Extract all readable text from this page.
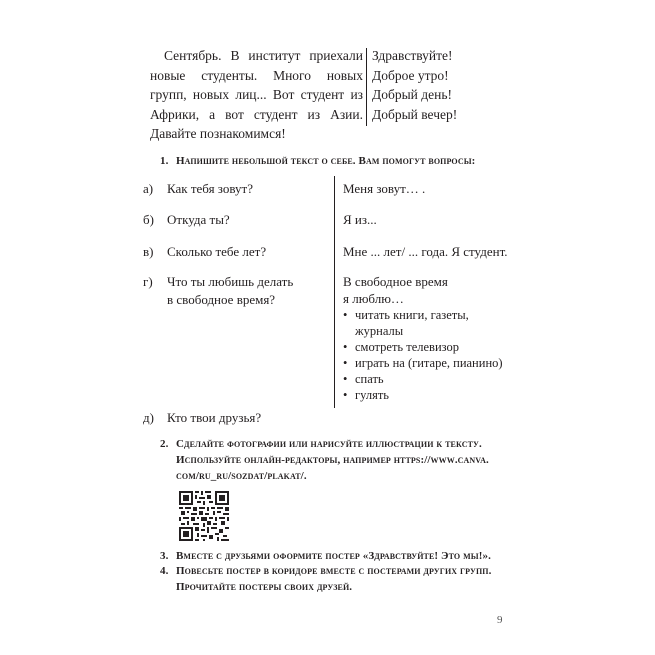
Сентябрь. В институт приехали новые студенты. Много новых групп, новых лиц... Вот студент из Африки, а вот студент из Азии. Давайте познакомимся!

Здравствуйте!
Доброе утро!
Добрый день!
Добрый вечер!
1. Напишите небольшой текст о себе. Вам помогут вопросы:
а) Как тебя зовут?
б) Откуда ты?
в) Сколько тебе лет?
г) Что ты любишь делать
в свободное время?
д) Кто твои друзья?
Меня зовут… .
Я из...
Мне ... лет/ ... года. Я студент.
В свободное время
я люблю…
• читать книги, газеты, журналы
• смотреть телевизор
• играть на (гитаре, пианино)
• спать
• гулять
2. Сделайте фотографии или нарисуйте иллюстрации к тексту.
Используйте онлайн-редакторы, например https://www.canva.
com/ru_ru/sozdat/plakat/.
3. Вместе с друзьями оформите постер «Здравствуйте! Это мы!».
4. Повесьте постер в коридоре вместе с постерами других групп.
Прочитайте постеры своих друзей.
9
